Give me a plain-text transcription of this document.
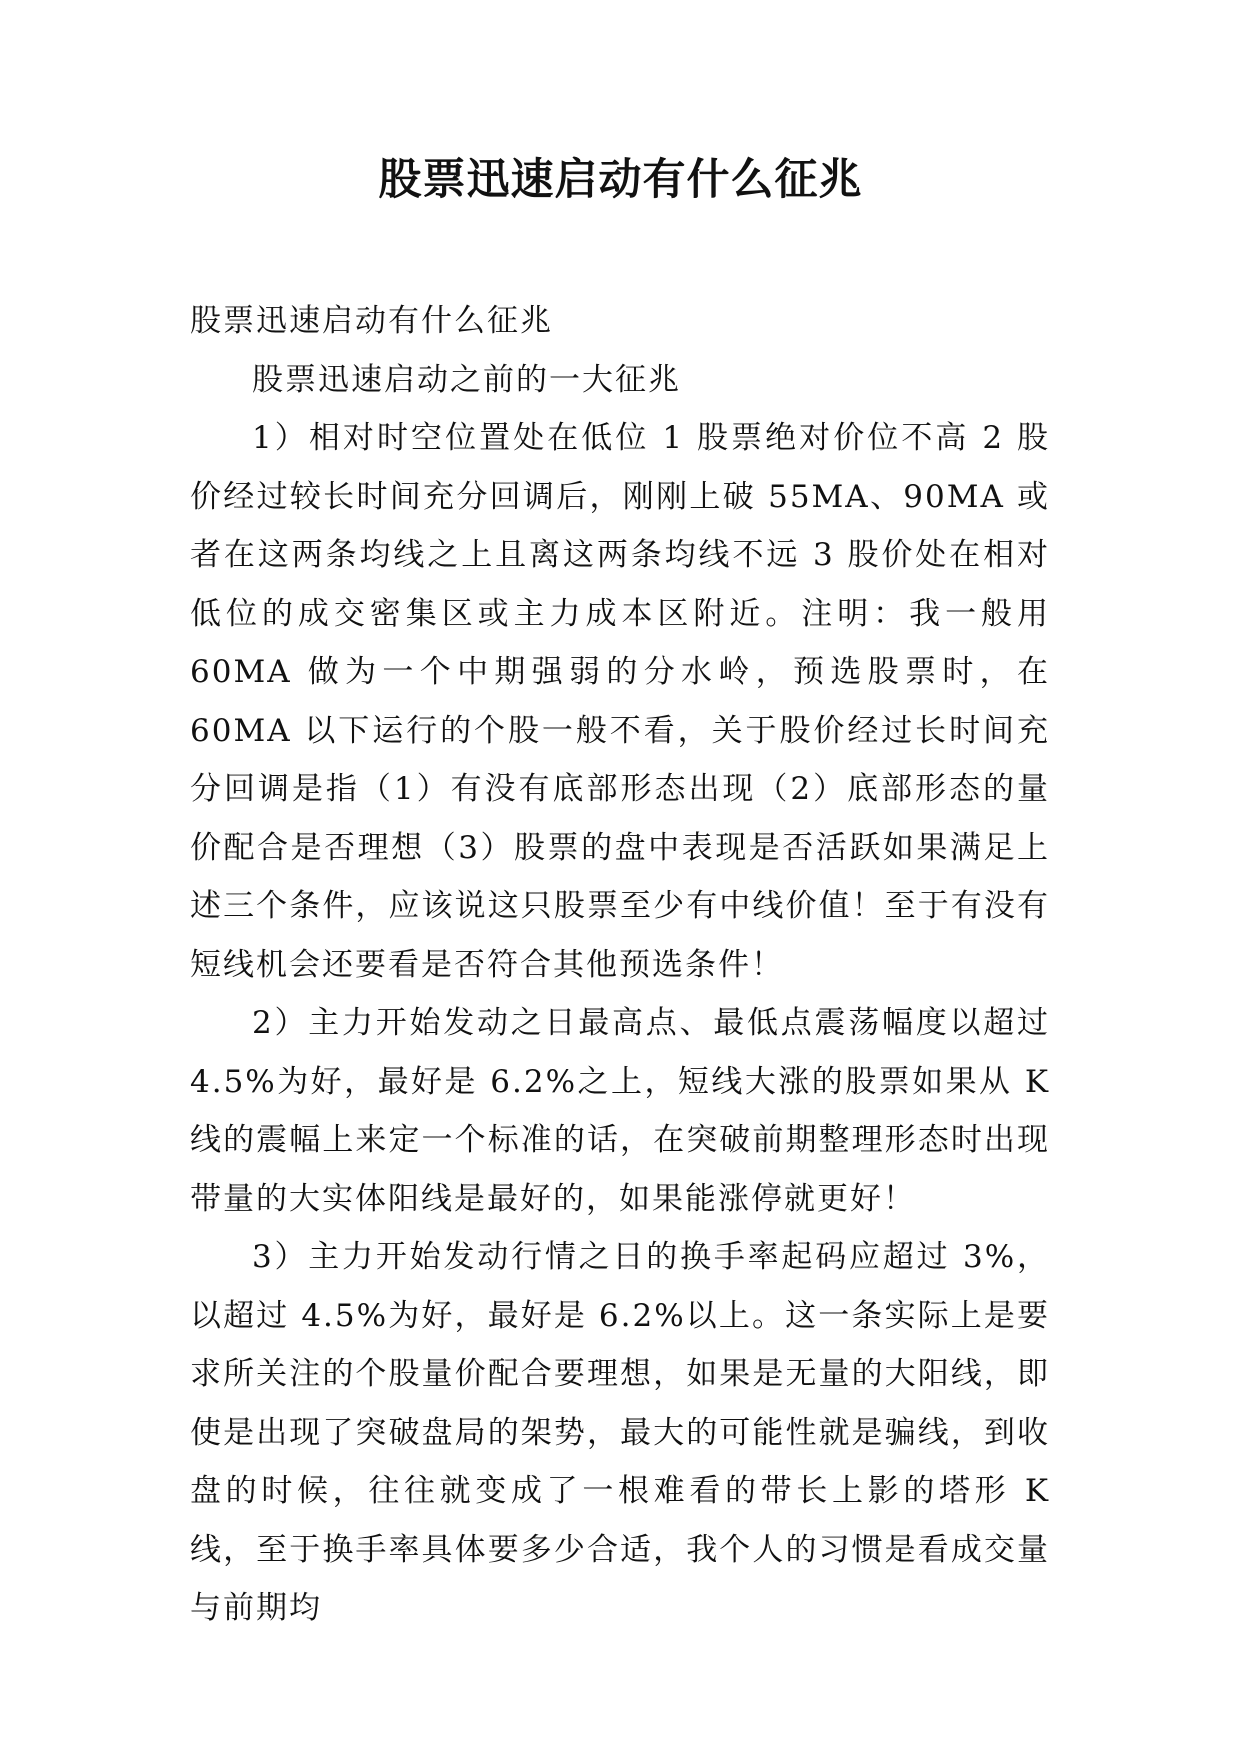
股票迅速启动有什么征兆

股票迅速启动有什么征兆

股票迅速启动之前的一大征兆

1）相对时空位置处在低位 1 股票绝对价位不高 2 股价经过较长时间充分回调后，刚刚上破 55MA、90MA 或者在这两条均线之上且离这两条均线不远 3 股价处在相对低位的成交密集区或主力成本区附近。注明：我一般用 60MA 做为一个中期强弱的分水岭，预选股票时，在 60MA 以下运行的个股一般不看，关于股价经过长时间充分回调是指（1）有没有底部形态出现（2）底部形态的量价配合是否理想（3）股票的盘中表现是否活跃如果满足上述三个条件，应该说这只股票至少有中线价值！至于有没有短线机会还要看是否符合其他预选条件！

2）主力开始发动之日最高点、最低点震荡幅度以超过 4.5%为好，最好是 6.2%之上，短线大涨的股票如果从 K 线的震幅上来定一个标准的话，在突破前期整理形态时出现带量的大实体阳线是最好的，如果能涨停就更好！

3）主力开始发动行情之日的换手率起码应超过 3%，以超过 4.5%为好，最好是 6.2%以上。这一条实际上是要求所关注的个股量价配合要理想，如果是无量的大阳线，即使是出现了突破盘局的架势，最大的可能性就是骗线，到收盘的时候，往往就变成了一根难看的带长上影的塔形 K 线，至于换手率具体要多少合适，我个人的习惯是看成交量与前期均
